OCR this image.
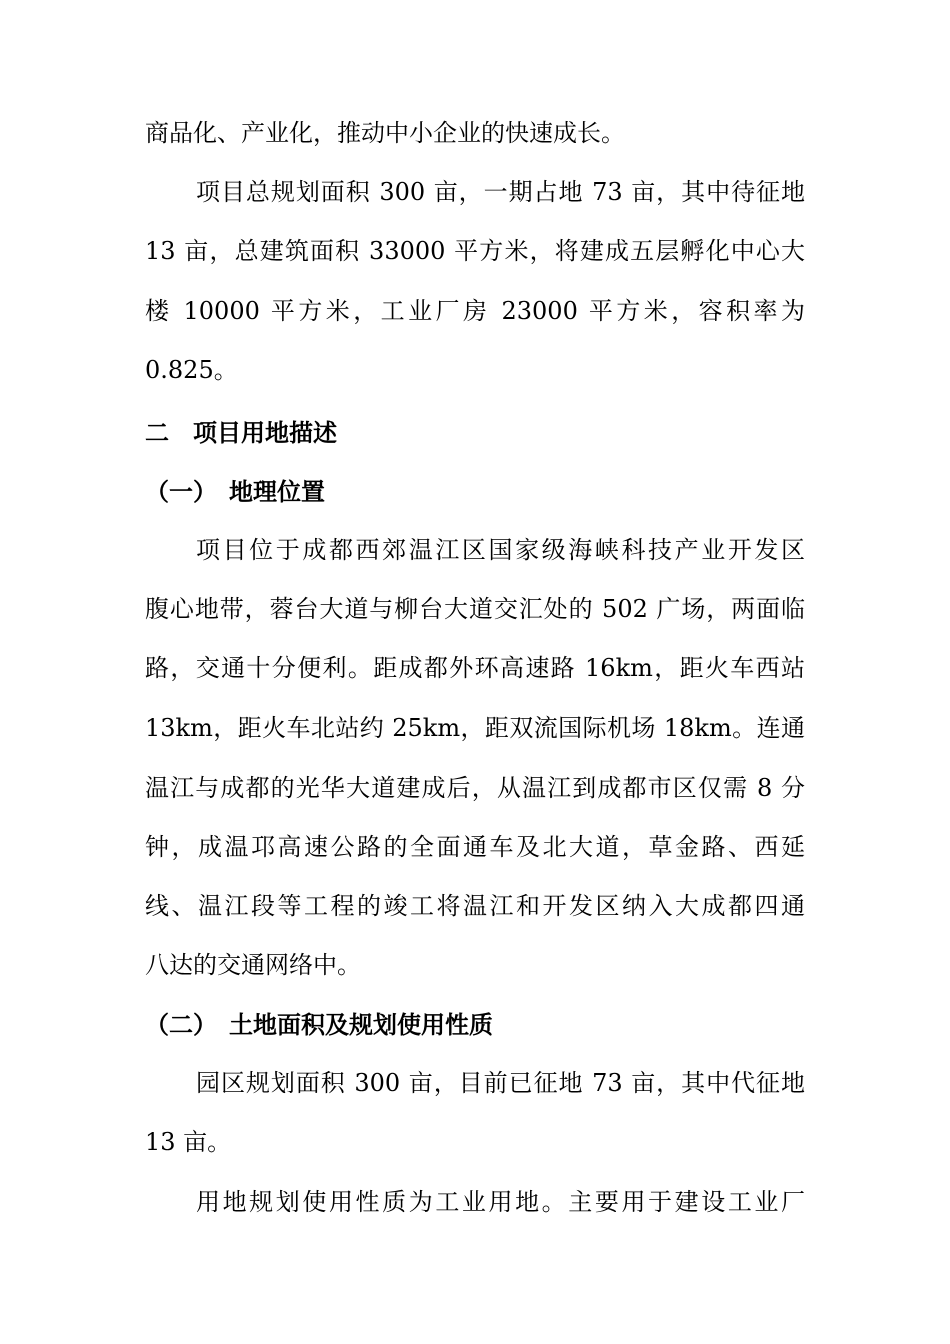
商品化、产业化，推动中小企业的快速成长。
项目总规划面积 300 亩，一期占地 73 亩，其中待征地
13 亩，总建筑面积 33000 平方米，将建成五层孵化中心大
楼 10000 平方米，工业厂房 23000 平方米，容积率为
0.825。
二　项目用地描述
（一）　地理位置
项目位于成都西郊温江区国家级海峡科技产业开发区
腹心地带，蓉台大道与柳台大道交汇处的 502 广场，两面临
路，交通十分便利。距成都外环高速路 16km，距火车西站
13km，距火车北站约 25km，距双流国际机场 18km。连通
温江与成都的光华大道建成后，从温江到成都市区仅需 8 分
钟，成温邛高速公路的全面通车及北大道，草金路、西延
线、温江段等工程的竣工将温江和开发区纳入大成都四通
八达的交通网络中。
（二）　土地面积及规划使用性质
园区规划面积 300 亩，目前已征地 73 亩，其中代征地
13 亩。
用地规划使用性质为工业用地。主要用于建设工业厂
